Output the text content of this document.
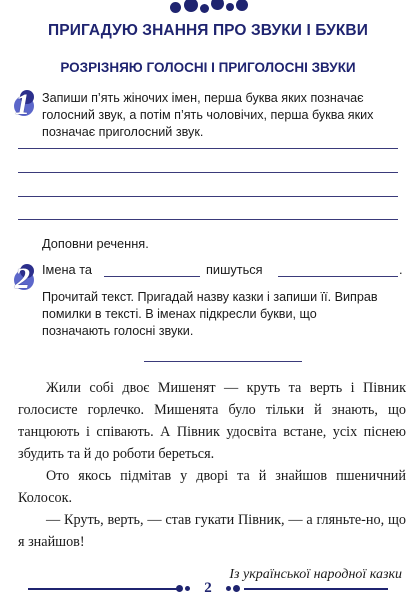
ПРИГАДУЮ ЗНАННЯ ПРО ЗВУКИ І БУКВИ
РОЗРІЗНЯЮ ГОЛОСНІ І ПРИГОЛОСНІ ЗВУКИ
1 Запиши п’ять жіночих імен, перша буква яких позначає голосний звук, а потім п’ять чоловічих, перша буква яких позначає приголосний звук.
Доповни речення.
Імена та	пишуться	.
2
Прочитай текст. Пригадай назву казки і запиши її. Виправ помилки в тексті. В іменах підкресли букви, що позначають голосні звуки.

Жили собі двоє Мишенят — круть та верть і Півник голосисте горлечко. Мишенята було тільки й знають, що танцюють і співають. А Півник удосвіта встане, усіх піснею збудить та й до роботи береться.

Ото якось підмітав у дворі та й знайшов пшеничний Колосок.

— Круть, верть, — став гукати Півник, — а гляньте-но, що я знайшов!

Із української народної казки
2
